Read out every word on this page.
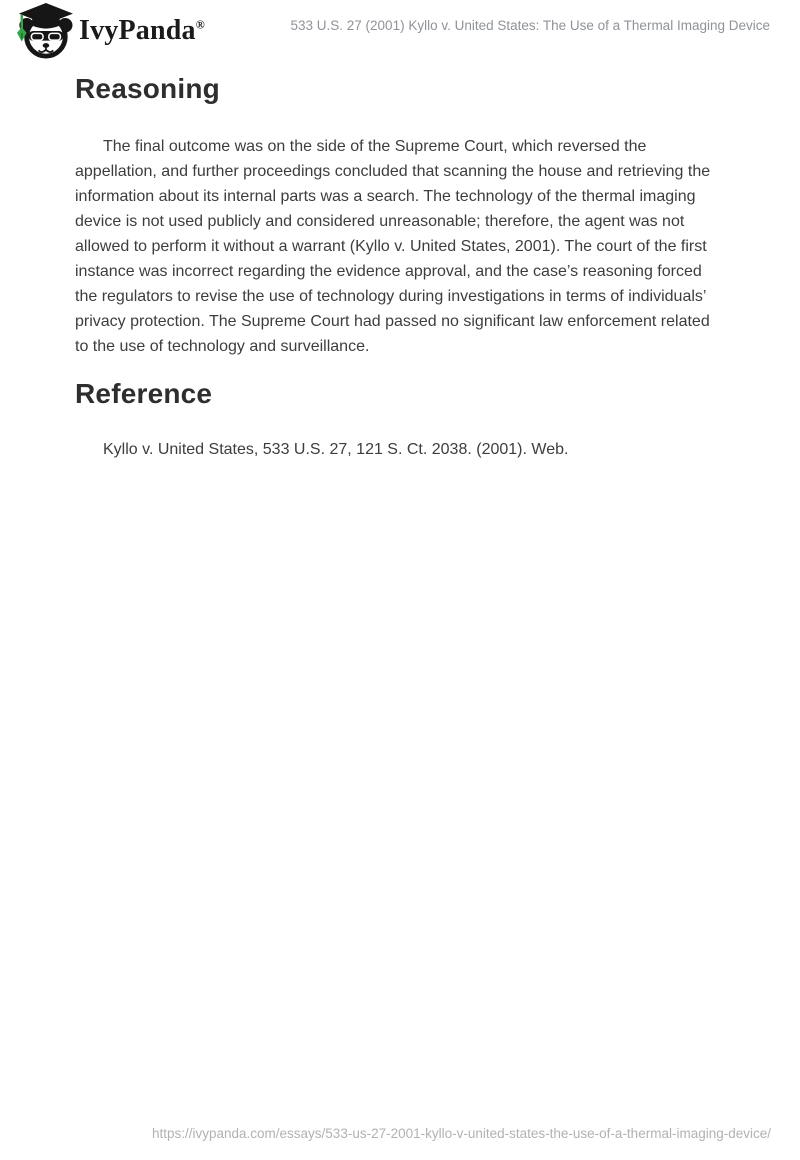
IvyPanda®	533 U.S. 27 (2001) Kyllo v. United States: The Use of a Thermal Imaging Device
Reasoning

The final outcome was on the side of the Supreme Court, which reversed the appellation, and further proceedings concluded that scanning the house and retrieving the information about its internal parts was a search. The technology of the thermal imaging device is not used publicly and considered unreasonable; therefore, the agent was not allowed to perform it without a warrant (Kyllo v. United States, 2001). The court of the first instance was incorrect regarding the evidence approval, and the case’s reasoning forced the regulators to revise the use of technology during investigations in terms of individuals’ privacy protection. The Supreme Court had passed no significant law enforcement related to the use of technology and surveillance.

Reference

Kyllo v. United States, 533 U.S. 27, 121 S. Ct. 2038. (2001). Web.

https://ivypanda.com/essays/533-us-27-2001-kyllo-v-united-states-the-use-of-a-thermal-imaging-device/
